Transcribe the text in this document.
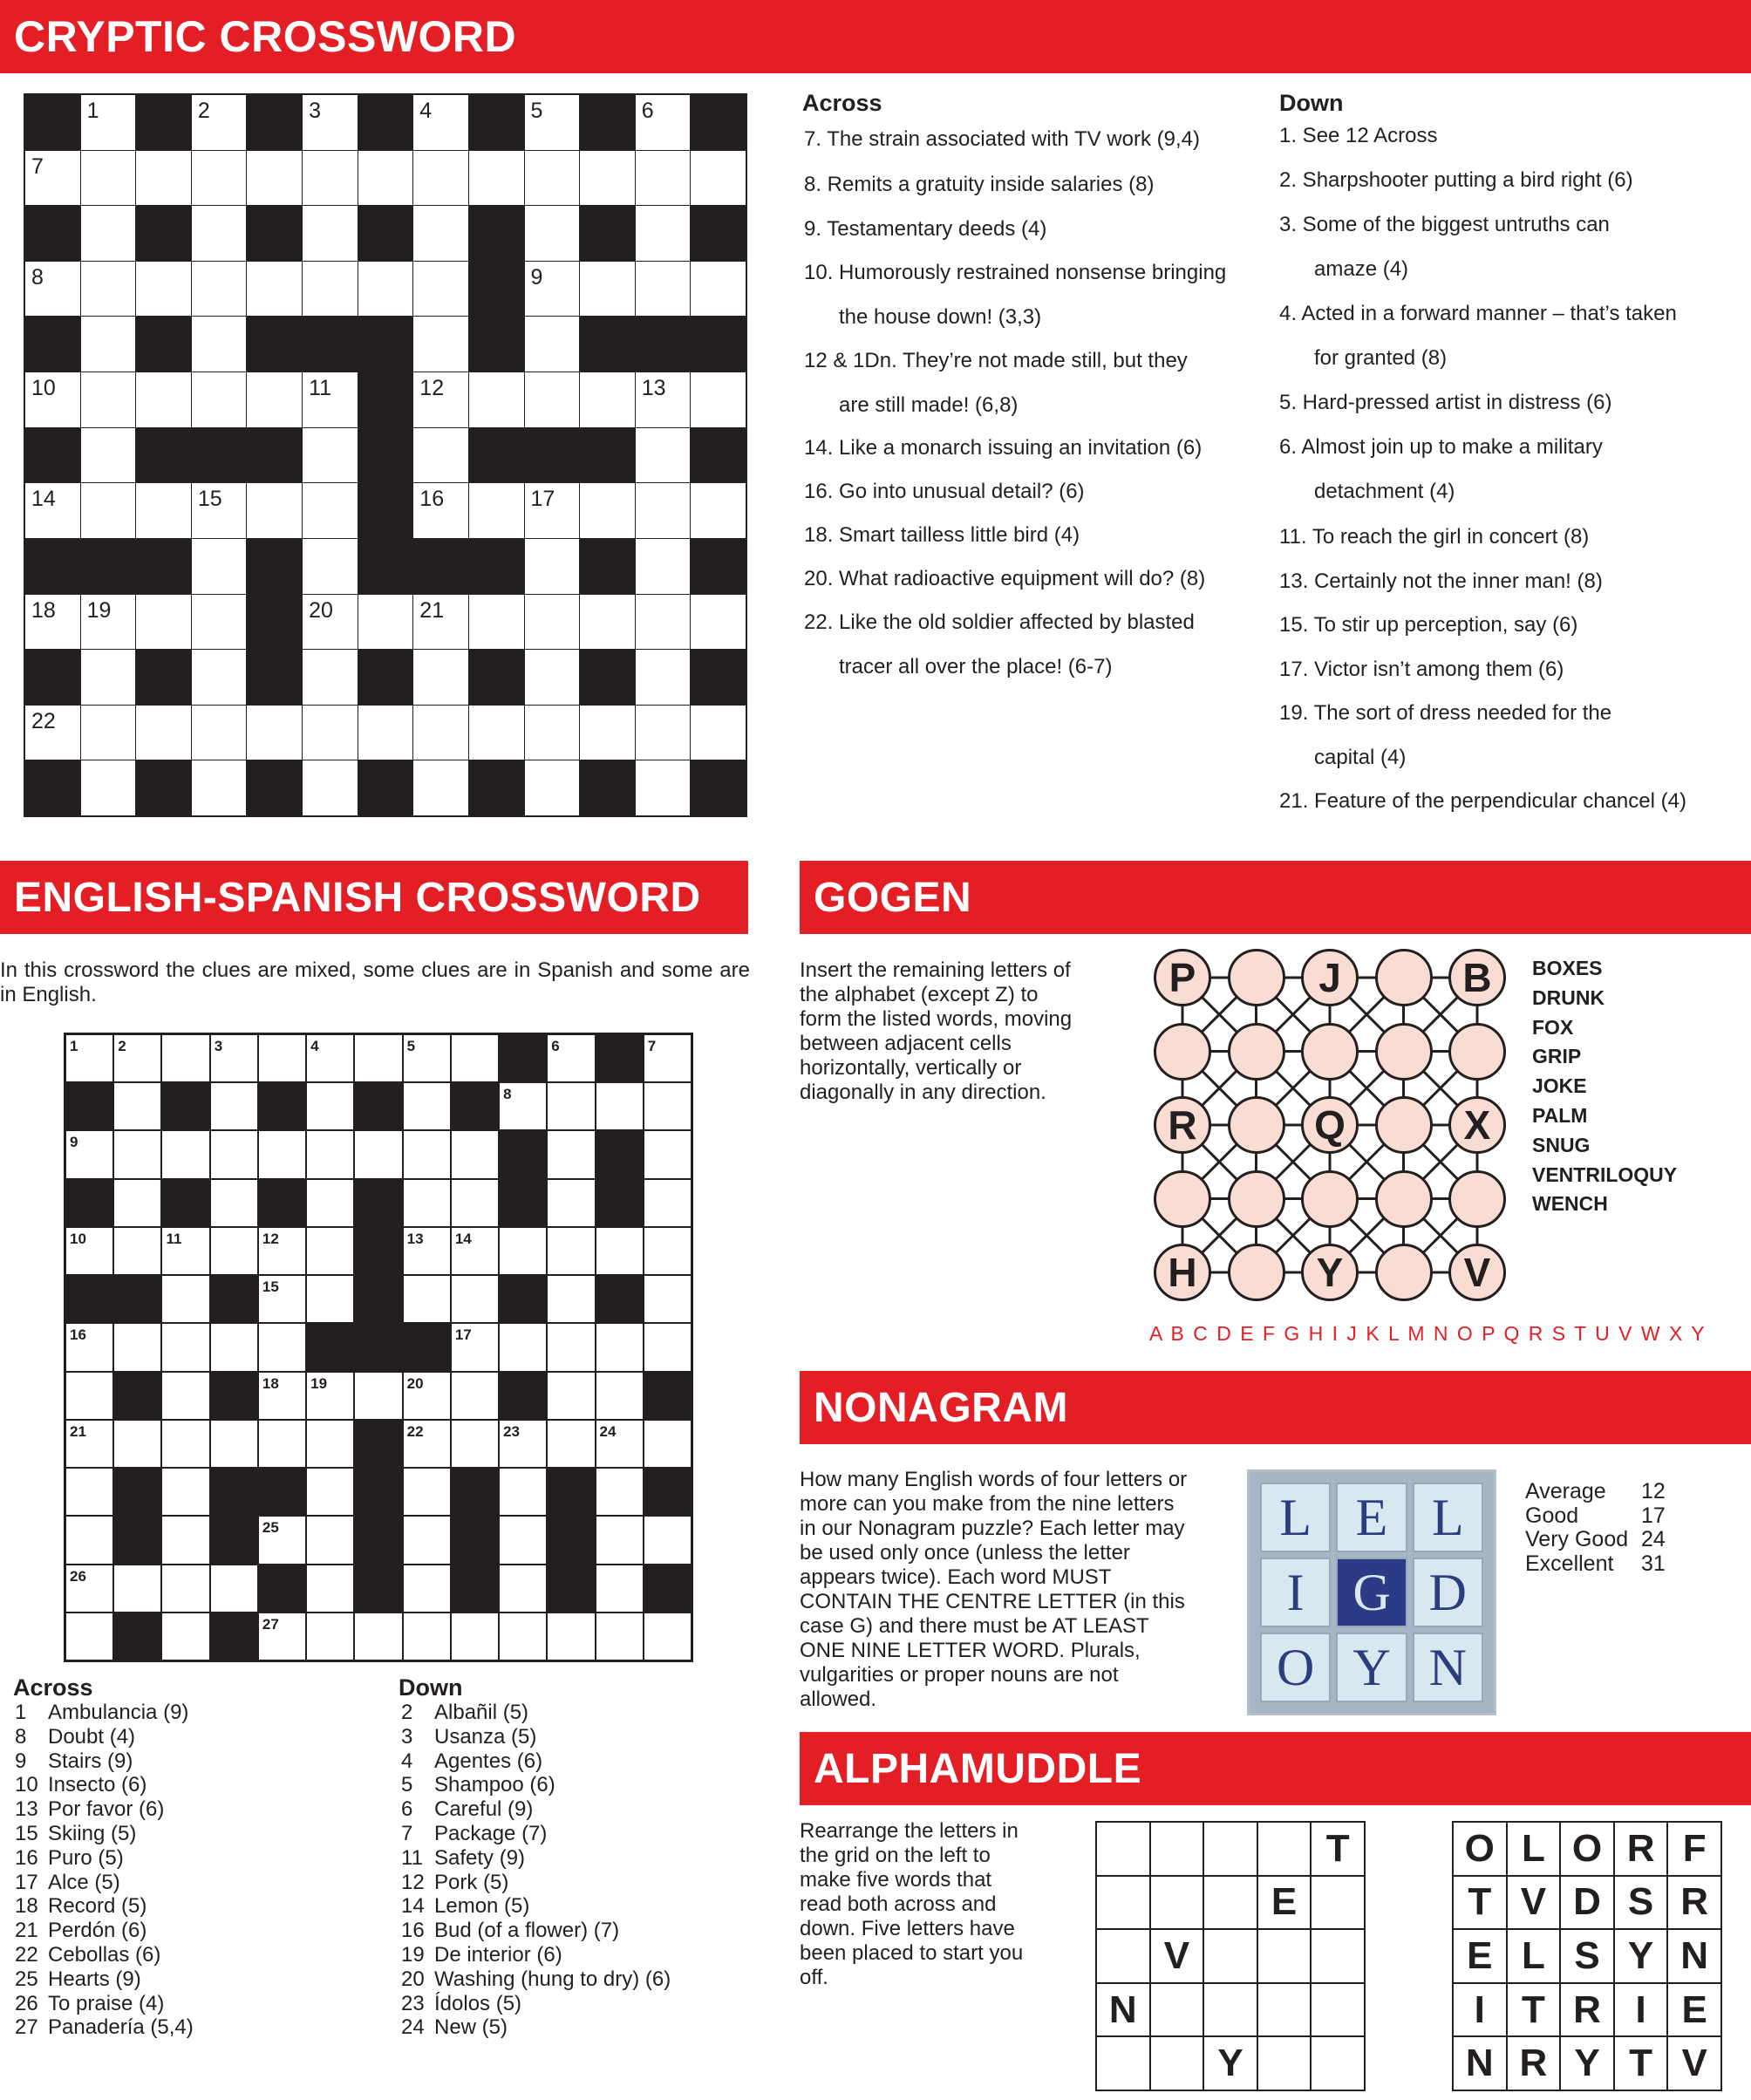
CRYPTIC CROSSWORD
1	2	3	4	5	6
7
8	9
10	11	12	13
14	15	16	17
18 19	20	21
22
Across
7. The strain associated with TV work (9,4)
8. Remits a gratuity inside salaries (8)
9. Testamentary deeds (4)
10. Humorously restrained nonsense bringing
the house down! (3,3)
12 & 1Dn. They’re not made still, but they
are still made! (6,8)
14. Like a monarch issuing an invitation (6)
16. Go into unusual detail? (6)
18. Smart tailless little bird (4)
20. What radioactive equipment will do? (8)
22. Like the old soldier affected by blasted
tracer all over the place! (6-7)
Down
1. See 12 Across
2. Sharpshooter putting a bird right (6)
3. Some of the biggest untruths can
amaze (4)
4. Acted in a forward manner – that’s taken
for granted (8)
5. Hard-pressed artist in distress (6)
6. Almost join up to make a military
detachment (4)
11. To reach the girl in concert (8)
13. Certainly not the inner man! (8)
15. To stir up perception, say (6)
17. Victor isn’t among them (6)
19. The sort of dress needed for the
capital (4)
21. Feature of the perpendicular chancel (4)
ENGLISH-SPANISH CROSSWORD
In this crossword the clues are mixed, some clues are in Spanish and some are in English.
1	2	3	4	5	6	7
8
9
10	11	12	13 14
15
16	17
18 19	20
21	22	23	24
25
26
27
Across	Down
1 Ambulancia (9)
8 Doubt (4)
9 Stairs (9)
10 Insecto (6)
13 Por favor (6)
15 Skiing (5)
16 Puro (5)
17 Alce (5)
18 Record (5)
21 Perdón (6)
22 Cebollas (6)
25 Hearts (9)
26 To praise (4)
27 Panadería (5,4)
2 Albañil (5)
3 Usanza (5)
4 Agentes (6)
5 Shampoo (6)
6 Careful (9)
7 Package (7)
11 Safety (9)
12 Pork (5)
14 Lemon (5)
16 Bud (of a flower) (7)
19 De interior (6)
20 Washing (hung to dry) (6)
23 Ídolos (5)
24 New (5)
GOGEN
Insert the remaining letters of the alphabet (except Z) to form the listed words, moving between adjacent cells horizontally, vertically or diagonally in any direction.
P	J	B
R	Q	X
H	Y	V
BOXES
DRUNK
FOX
GRIP
JOKE
PALM
SNUG
VENTRILOQUY
WENCH
A B C D E F G H I J K L M N O P Q R S T U V W X Y
NONAGRAM
How many English words of four letters or more can you make from the nine letters in our Nonagram puzzle? Each letter may be used only once (unless the letter appears twice). Each word MUST CONTAIN THE CENTRE LETTER (in this case G) and there must be AT LEAST ONE NINE LETTER WORD. Plurals, vulgarities or proper nouns are not allowed.
L E L
I G D
O Y N
Average 12
Good	17
Very Good 24
Excellent 31
ALPHAMUDDLE
Rearrange the letters in the grid on the left to make five words that read both across and down. Five letters have been placed to start you off.
T
E
V
N
Y
O L O R F
T V D S R
E L S Y N
I T R I E
N R Y T V
